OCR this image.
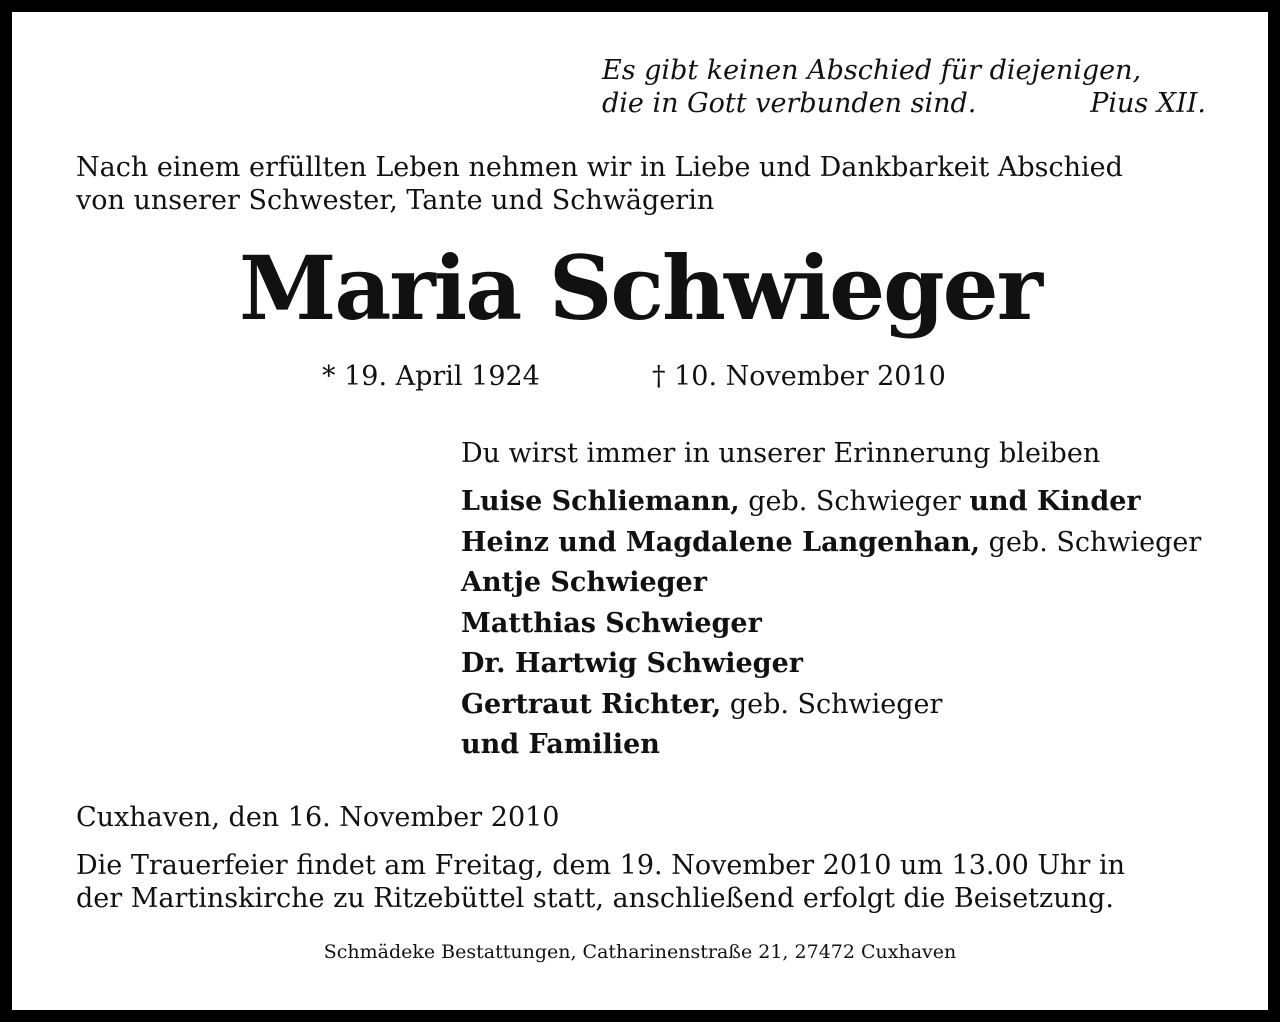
Es gibt keinen Abschied für diejenigen,
die in Gott verbunden sind.	Pius XII.
Nach einem erfüllten Leben nehmen wir in Liebe und Dankbarkeit Abschied
von unserer Schwester, Tante und Schwägerin
Maria Schwieger
* 19. April 1924	† 10. November 2010
Du wirst immer in unserer Erinnerung bleiben
Luise Schliemann, geb. Schwieger und Kinder
Heinz und Magdalene Langenhan, geb. Schwieger
Antje Schwieger
Matthias Schwieger
Dr. Hartwig Schwieger
Gertraut Richter, geb. Schwieger
und Familien
Cuxhaven, den 16. November 2010
Die Trauerfeier findet am Freitag, dem 19. November 2010 um 13.00 Uhr in
der Martinskirche zu Ritzebüttel statt, anschließend erfolgt die Beisetzung.
Schmädeke Bestattungen, Catharinenstraße 21, 27472 Cuxhaven
